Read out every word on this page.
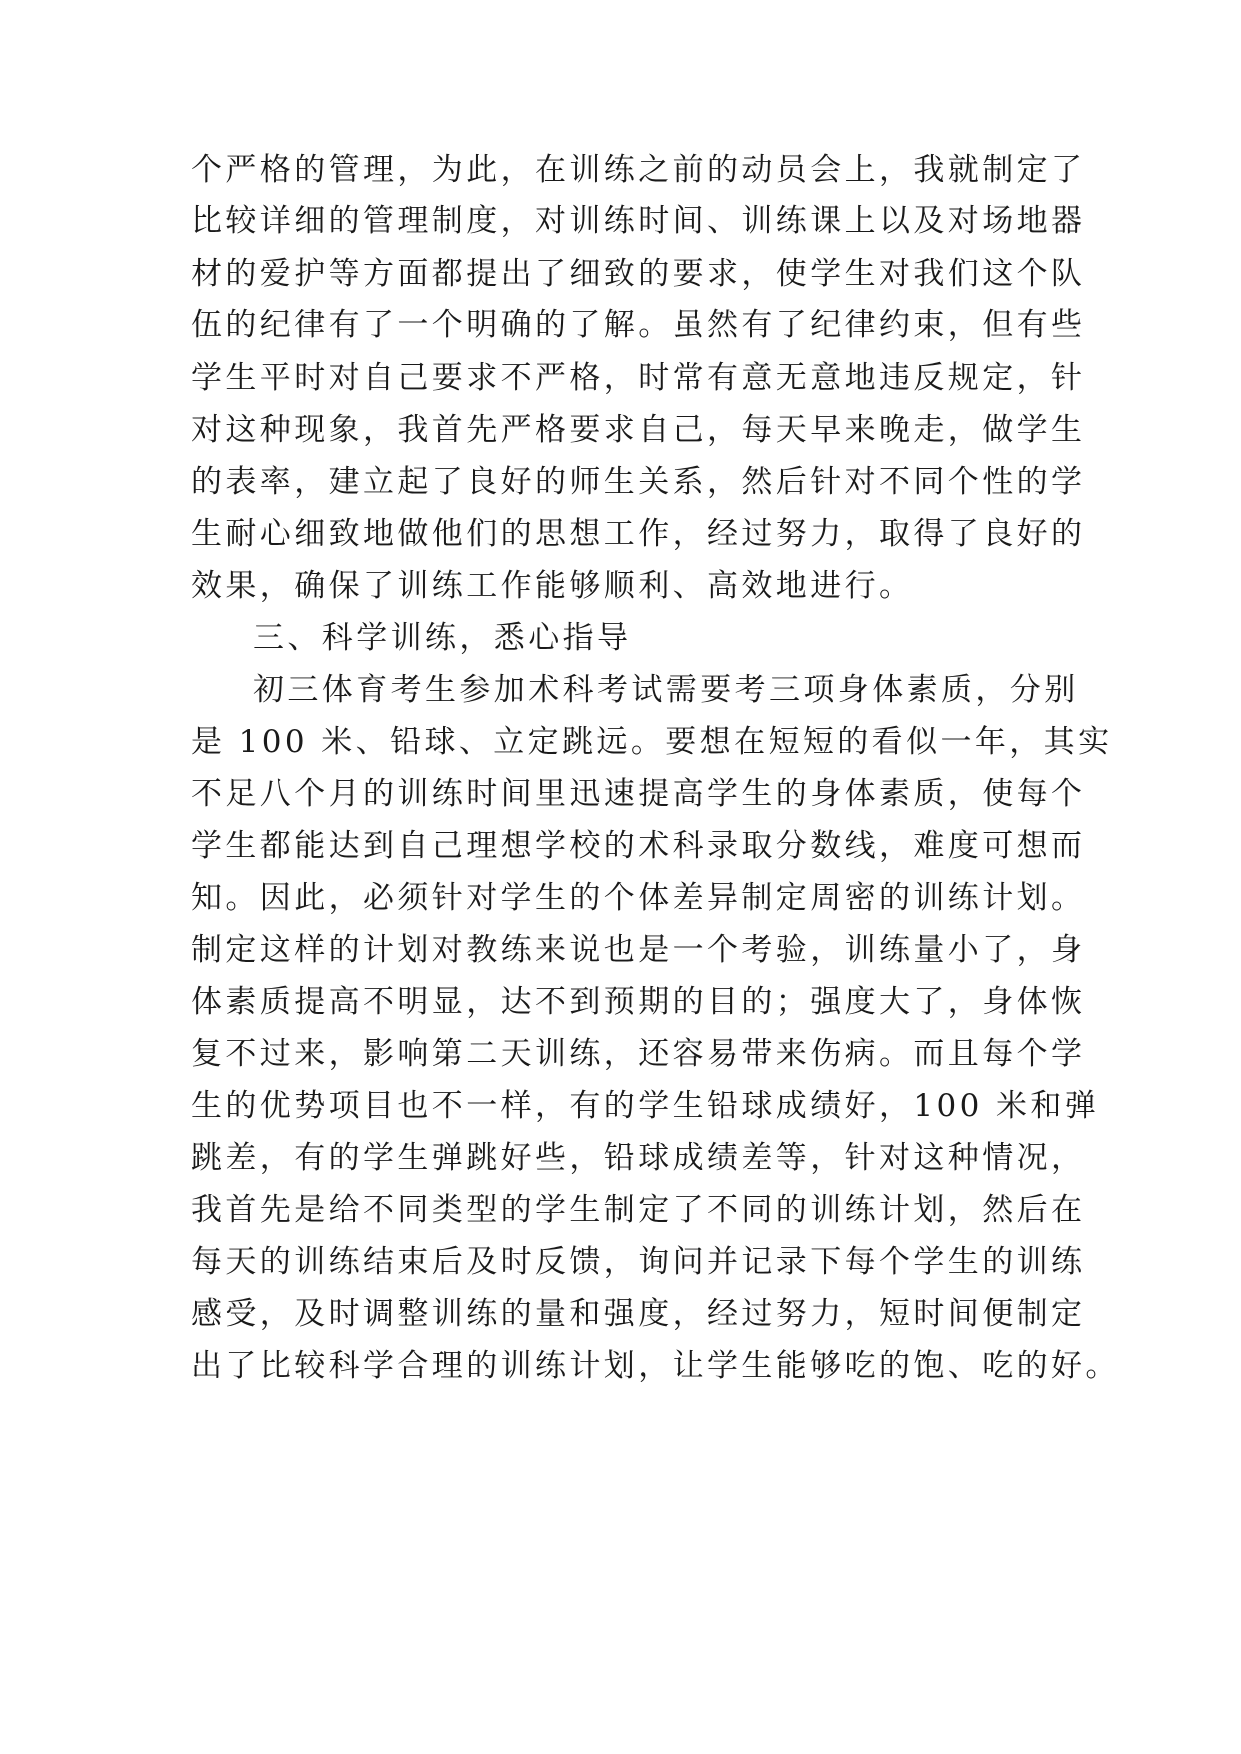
个严格的管理，为此，在训练之前的动员会上，我就制定了
比较详细的管理制度，对训练时间、训练课上以及对场地器
材的爱护等方面都提出了细致的要求，使学生对我们这个队
伍的纪律有了一个明确的了解。虽然有了纪律约束，但有些
学生平时对自己要求不严格，时常有意无意地违反规定，针
对这种现象，我首先严格要求自己，每天早来晚走，做学生
的表率，建立起了良好的师生关系，然后针对不同个性的学
生耐心细致地做他们的思想工作，经过努力，取得了良好的
效果，确保了训练工作能够顺利、高效地进行。
三、科学训练，悉心指导
初三体育考生参加术科考试需要考三项身体素质，分别
是 100 米、铅球、立定跳远。要想在短短的看似一年，其实
不足八个月的训练时间里迅速提高学生的身体素质，使每个
学生都能达到自己理想学校的术科录取分数线，难度可想而
知。因此，必须针对学生的个体差异制定周密的训练计划。
制定这样的计划对教练来说也是一个考验，训练量小了，身
体素质提高不明显，达不到预期的目的；强度大了，身体恢
复不过来，影响第二天训练，还容易带来伤病。而且每个学
生的优势项目也不一样，有的学生铅球成绩好，100 米和弹
跳差，有的学生弹跳好些，铅球成绩差等，针对这种情况，
我首先是给不同类型的学生制定了不同的训练计划，然后在
每天的训练结束后及时反馈，询问并记录下每个学生的训练
感受，及时调整训练的量和强度，经过努力，短时间便制定
出了比较科学合理的训练计划，让学生能够吃的饱、吃的好。
